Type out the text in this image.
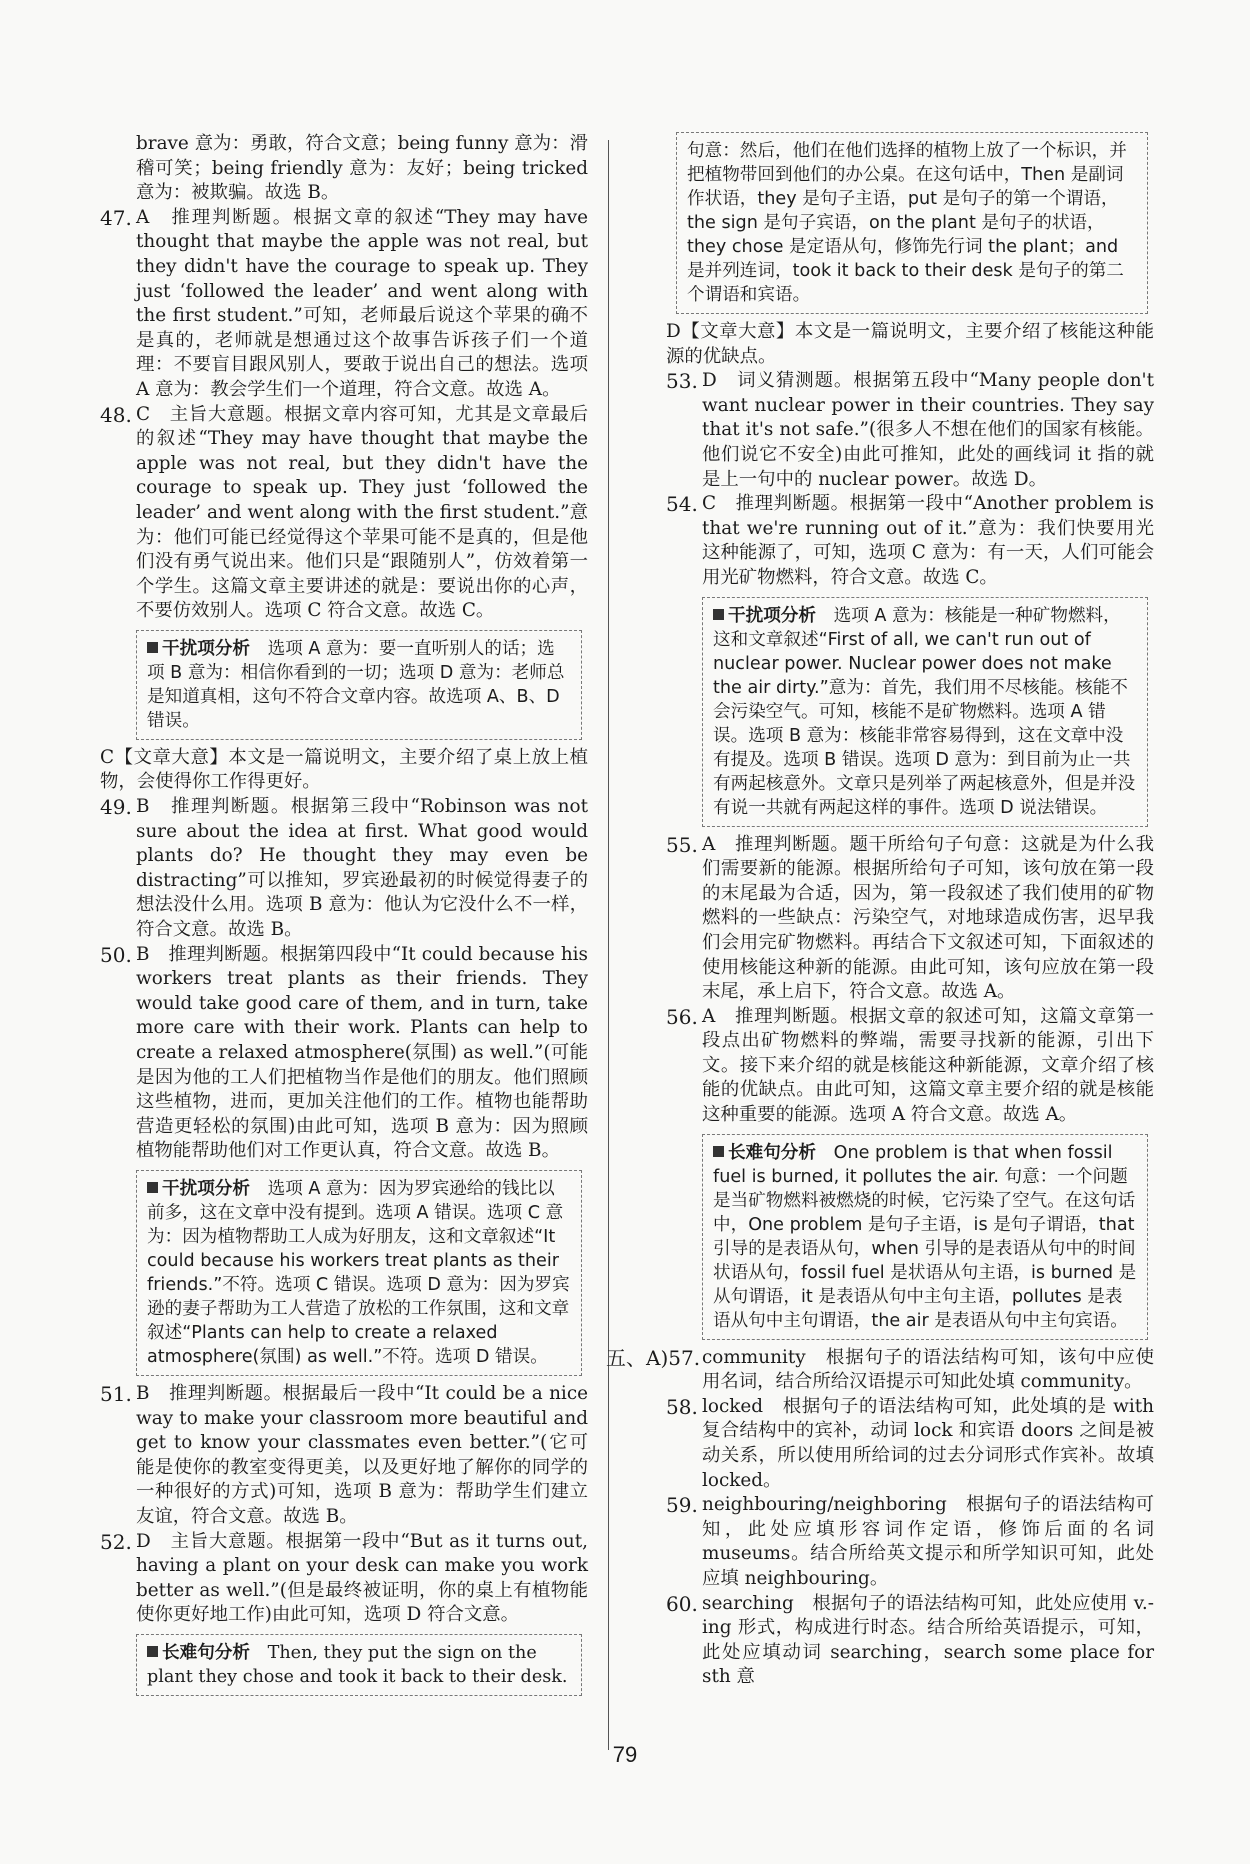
brave 意为：勇敢，符合文意；being funny 意为：滑稽可笑；being friendly 意为：友好；being tricked 意为：被欺骗。故选 B。

47. A　推理判断题。根据文章的叙述“They may have thought that maybe the apple was not real, but they didn't have the courage to speak up. They just ‘followed the leader’ and went along with the first student.”可知，老师最后说这个苹果的确不是真的，老师就是想通过这个故事告诉孩子们一个道理：不要盲目跟风别人，要敢于说出自己的想法。选项 A 意为：教会学生们一个道理，符合文意。故选 A。
48. C　主旨大意题。根据文章内容可知，尤其是文章最后的叙述“They may have thought that maybe the apple was not real, but they didn't have the courage to speak up. They just ‘followed the leader’ and went along with the first student.”意为：他们可能已经觉得这个苹果可能不是真的，但是他们没有勇气说出来。他们只是“跟随别人”，仿效着第一个学生。这篇文章主要讲述的就是：要说出你的心声，不要仿效别人。选项 C 符合文意。故选 C。
干扰项分析　 选项 A 意为：要一直听别人的话；选项 B 意为：相信你看到的一切；选项 D 意为：老师总是知道真相，这句不符合文章内容。故选项 A、B、D 错误。

C【文章大意】本文是一篇说明文，主要介绍了桌上放上植物，会使得你工作得更好。

49. B　推理判断题。根据第三段中“Robinson was not sure about the idea at first. What good would plants do? He thought they may even be distracting”可以推知，罗宾逊最初的时候觉得妻子的想法没什么用。选项 B 意为：他认为它没什么不一样，符合文意。故选 B。
50. B　推理判断题。根据第四段中“It could because his workers treat plants as their friends. They would take good care of them, and in turn, take more care with their work. Plants can help to create a relaxed atmosphere(氛围) as well.”(可能是因为他的工人们把植物当作是他们的朋友。他们照顾这些植物，进而，更加关注他们的工作。植物也能帮助营造更轻松的氛围)由此可知，选项 B 意为：因为照顾植物能帮助他们对工作更认真，符合文意。故选 B。
干扰项分析　 选项 A 意为：因为罗宾逊给的钱比以前多，这在文章中没有提到。选项 A 错误。选项 C 意为：因为植物帮助工人成为好朋友，这和文章叙述“It could because his workers treat plants as their friends.”不符。选项 C 错误。选项 D 意为：因为罗宾逊的妻子帮助为工人营造了放松的工作氛围，这和文章叙述“Plants can help to create a relaxed atmosphere(氛围) as well.”不符。选项 D 错误。
51. B　推理判断题。根据最后一段中“It could be a nice way to make your classroom more beautiful and get to know your classmates even better.”(它可能是使你的教室变得更美，以及更好地了解你的同学的一种很好的方式)可知，选项 B 意为：帮助学生们建立友谊，符合文意。故选 B。
52. D　主旨大意题。根据第一段中“But as it turns out, having a plant on your desk can make you work better as well.”(但是最终被证明，你的桌上有植物能使你更好地工作)由此可知，选项 D 符合文意。
长难句分析　 Then, they put the sign on the plant they chose and took it back to their desk.
句意：然后，他们在他们选择的植物上放了一个标识，并把植物带回到他们的办公桌。在这句话中，Then 是副词作状语，they 是句子主语，put 是句子的第一个谓语，the sign 是句子宾语，on the plant 是句子的状语，they chose 是定语从句，修饰先行词 the plant；and 是并列连词，took it back to their desk 是句子的第二个谓语和宾语。

D【文章大意】本文是一篇说明文，主要介绍了核能这种能源的优缺点。

53. D　词义猜测题。根据第五段中“Many people don't want nuclear power in their countries. They say that it's not safe.”(很多人不想在他们的国家有核能。他们说它不安全)由此可推知，此处的画线词 it 指的就是上一句中的 nuclear power。故选 D。
54. C　推理判断题。根据第一段中“Another problem is that we're running out of it.”意为：我们快要用光这种能源了，可知，选项 C 意为：有一天，人们可能会用光矿物燃料，符合文意。故选 C。
干扰项分析　 选项 A 意为：核能是一种矿物燃料，这和文章叙述“First of all, we can't run out of nuclear power. Nuclear power does not make the air dirty.”意为：首先，我们用不尽核能。核能不会污染空气。可知，核能不是矿物燃料。选项 A 错误。选项 B 意为：核能非常容易得到，这在文章中没有提及。选项 B 错误。选项 D 意为：到目前为止一共有两起核意外。文章只是列举了两起核意外，但是并没有说一共就有两起这样的事件。选项 D 说法错误。
55. A　推理判断题。题干所给句子句意：这就是为什么我们需要新的能源。根据所给句子可知，该句放在第一段的末尾最为合适，因为，第一段叙述了我们使用的矿物燃料的一些缺点：污染空气，对地球造成伤害，迟早我们会用完矿物燃料。再结合下文叙述可知，下面叙述的使用核能这种新的能源。由此可知，该句应放在第一段末尾，承上启下，符合文意。故选 A。
56. A　推理判断题。根据文章的叙述可知，这篇文章第一段点出矿物燃料的弊端，需要寻找新的能源，引出下文。接下来介绍的就是核能这种新能源，文章介绍了核能的优缺点。由此可知，这篇文章主要介绍的就是核能这种重要的能源。选项 A 符合文意。故选 A。
长难句分析　 One problem is that when fossil fuel is burned, it pollutes the air. 句意：一个问题是当矿物燃料被燃烧的时候，它污染了空气。在这句话中，One problem 是句子主语，is 是句子谓语，that 引导的是表语从句，when 引导的是表语从句中的时间状语从句，fossil fuel 是状语从句主语，is burned 是从句谓语，it 是表语从句中主句主语，pollutes 是表语从句中主句谓语，the air 是表语从句中主句宾语。
五、A)57. community　根据句子的语法结构可知，该句中应使用名词，结合所给汉语提示可知此处填 community。
58. locked　根据句子的语法结构可知，此处填的是 with 复合结构中的宾补，动词 lock 和宾语 doors 之间是被动关系，所以使用所给词的过去分词形式作宾补。故填 locked。
59. neighbouring/neighboring　根据句子的语法结构可知，此处应填形容词作定语，修饰后面的名词 museums。结合所给英文提示和所学知识可知，此处应填 neighbouring。
60. searching　根据句子的语法结构可知，此处应使用 v.-ing 形式，构成进行时态。结合所给英语提示，可知，此处应填动词 searching，search some place for sth 意
79
